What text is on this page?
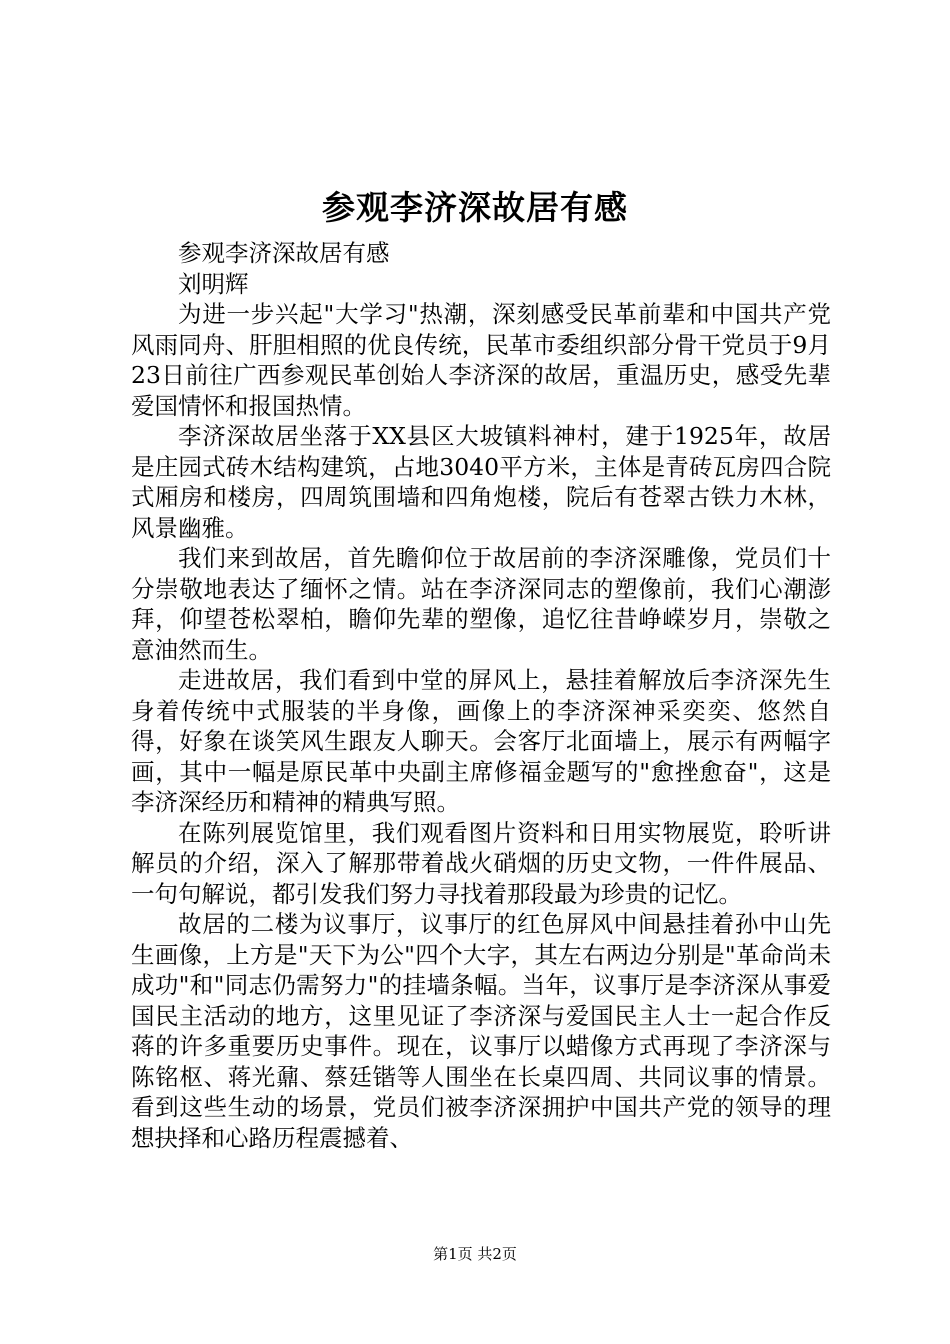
参观李济深故居有感

参观李济深故居有感

刘明辉

为进一步兴起"大学习"热潮，深刻感受民革前辈和中国共产党风雨同舟、肝胆相照的优良传统，民革市委组织部分骨干党员于9月23日前往广西参观民革创始人李济深的故居，重温历史，感受先辈爱国情怀和报国热情。

李济深故居坐落于XX县区大坡镇料神村，建于1925年，故居是庄园式砖木结构建筑，占地3040平方米，主体是青砖瓦房四合院式厢房和楼房，四周筑围墙和四角炮楼，院后有苍翠古铁力木林，风景幽雅。

我们来到故居，首先瞻仰位于故居前的李济深雕像，党员们十分崇敬地表达了缅怀之情。站在李济深同志的塑像前，我们心潮澎拜，仰望苍松翠柏，瞻仰先辈的塑像，追忆往昔峥嵘岁月，崇敬之意油然而生。

走进故居，我们看到中堂的屏风上，悬挂着解放后李济深先生身着传统中式服装的半身像，画像上的李济深神采奕奕、悠然自得，好象在谈笑风生跟友人聊天。会客厅北面墙上，展示有两幅字画，其中一幅是原民革中央副主席修福金题写的"愈挫愈奋"，这是李济深经历和精神的精典写照。

在陈列展览馆里，我们观看图片资料和日用实物展览，聆听讲解员的介绍，深入了解那带着战火硝烟的历史文物，一件件展品、一句句解说，都引发我们努力寻找着那段最为珍贵的记忆。

故居的二楼为议事厅，议事厅的红色屏风中间悬挂着孙中山先生画像，上方是"天下为公"四个大字，其左右两边分别是"革命尚未成功"和"同志仍需努力"的挂墙条幅。当年，议事厅是李济深从事爱国民主活动的地方，这里见证了李济深与爱国民主人士一起合作反蒋的许多重要历史事件。现在，议事厅以蜡像方式再现了李济深与陈铭枢、蒋光鼐、蔡廷锴等人围坐在长桌四周、共同议事的情景。看到这些生动的场景，党员们被李济深拥护中国共产党的领导的理想抉择和心路历程震撼着、

第1页 共2页
